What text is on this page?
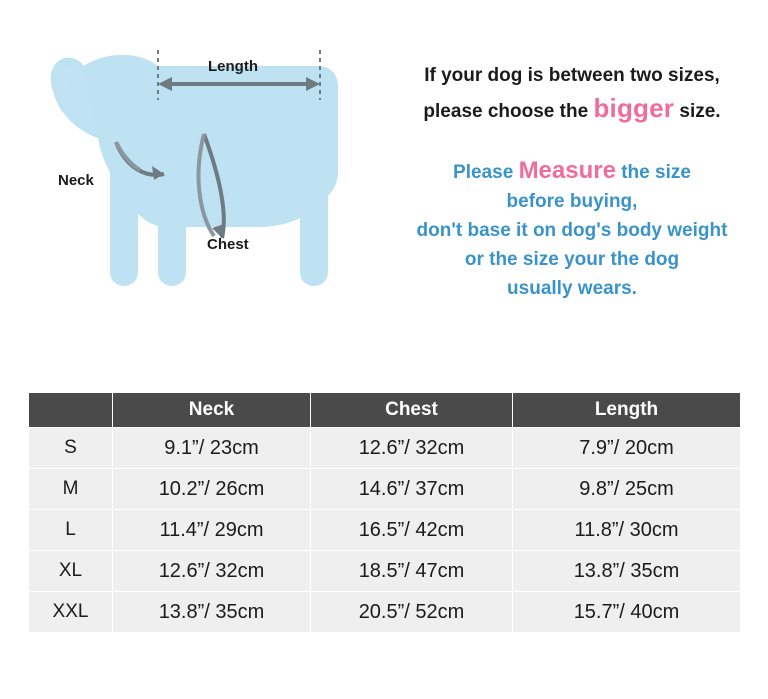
Length
Neck
Chest
If your dog is between two sizes,
please choose the bigger size.
Please Measure the size
before buying,
don't base it on dog's body weight
or the size your the dog
usually wears.
	Neck	Chest	Length
S	9.1”/ 23cm	12.6”/ 32cm	7.9”/ 20cm
M	10.2”/ 26cm	14.6”/ 37cm	9.8”/ 25cm
L	11.4”/ 29cm	16.5”/ 42cm	11.8”/ 30cm
XL	12.6”/ 32cm	18.5”/ 47cm	13.8”/ 35cm
XXL	13.8”/ 35cm	20.5”/ 52cm	15.7”/ 40cm
